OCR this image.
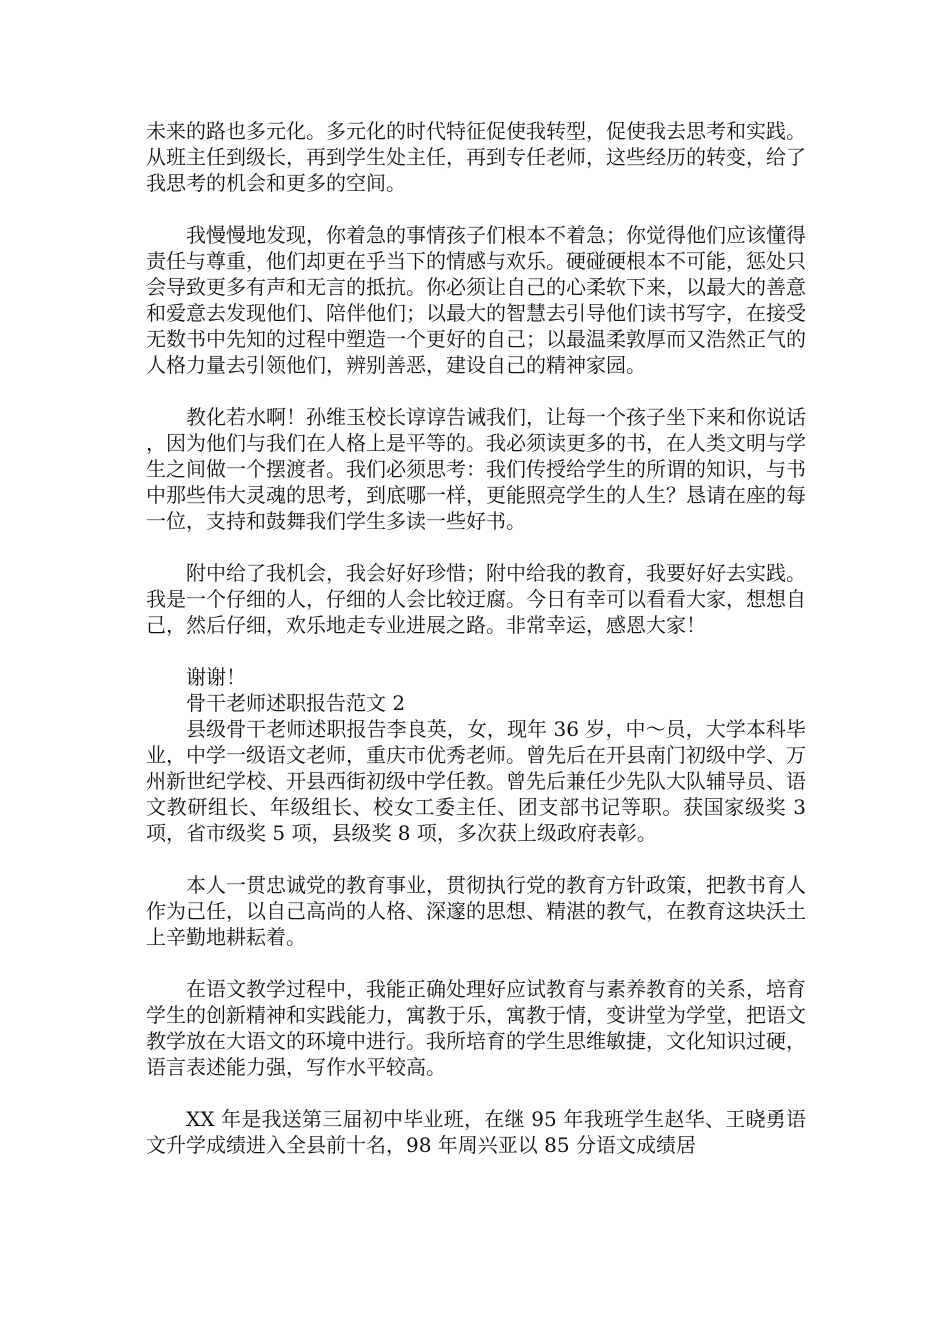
未来的路也多元化。多元化的时代特征促使我转型，促使我去思考和实践。从班主任到级长，再到学生处主任，再到专任老师，这些经历的转变，给了我思考的机会和更多的空间。

我慢慢地发现，你着急的事情孩子们根本不着急；你觉得他们应该懂得责任与尊重，他们却更在乎当下的情感与欢乐。硬碰硬根本不可能，惩处只会导致更多有声和无言的抵抗。你必须让自己的心柔软下来，以最大的善意和爱意去发现他们、陪伴他们；以最大的智慧去引导他们读书写字，在接受无数书中先知的过程中塑造一个更好的自己；以最温柔敦厚而又浩然正气的人格力量去引领他们，辨别善恶，建设自己的精神家园。

教化若水啊！孙维玉校长谆谆告诫我们，让每一个孩子坐下来和你说话，因为他们与我们在人格上是平等的。我必须读更多的书，在人类文明与学生之间做一个摆渡者。我们必须思考：我们传授给学生的所谓的知识，与书中那些伟大灵魂的思考，到底哪一样，更能照亮学生的人生？恳请在座的每一位，支持和鼓舞我们学生多读一些好书。

附中给了我机会，我会好好珍惜；附中给我的教育，我要好好去实践。我是一个仔细的人，仔细的人会比较迂腐。今日有幸可以看看大家，想想自己，然后仔细，欢乐地走专业进展之路。非常幸运，感恩大家！

谢谢！

骨干老师述职报告范文 2

县级骨干老师述职报告李良英，女，现年 36 岁，中～员，大学本科毕业，中学一级语文老师，重庆市优秀老师。曾先后在开县南门初级中学、万州新世纪学校、开县西街初级中学任教。曾先后兼任少先队大队辅导员、语文教研组长、年级组长、校女工委主任、团支部书记等职。获国家级奖 3 项，省市级奖 5 项，县级奖 8 项，多次获上级政府表彰。

本人一贯忠诚党的教育事业，贯彻执行党的教育方针政策，把教书育人作为己任，以自己高尚的人格、深邃的思想、精湛的教气，在教育这块沃土上辛勤地耕耘着。

在语文教学过程中，我能正确处理好应试教育与素养教育的关系，培育学生的创新精神和实践能力，寓教于乐，寓教于情，变讲堂为学堂，把语文教学放在大语文的环境中进行。我所培育的学生思维敏捷，文化知识过硬，语言表述能力强，写作水平较高。

XX 年是我送第三届初中毕业班，在继 95 年我班学生赵华、王晓勇语文升学成绩进入全县前十名，98 年周兴亚以 85 分语文成绩居
